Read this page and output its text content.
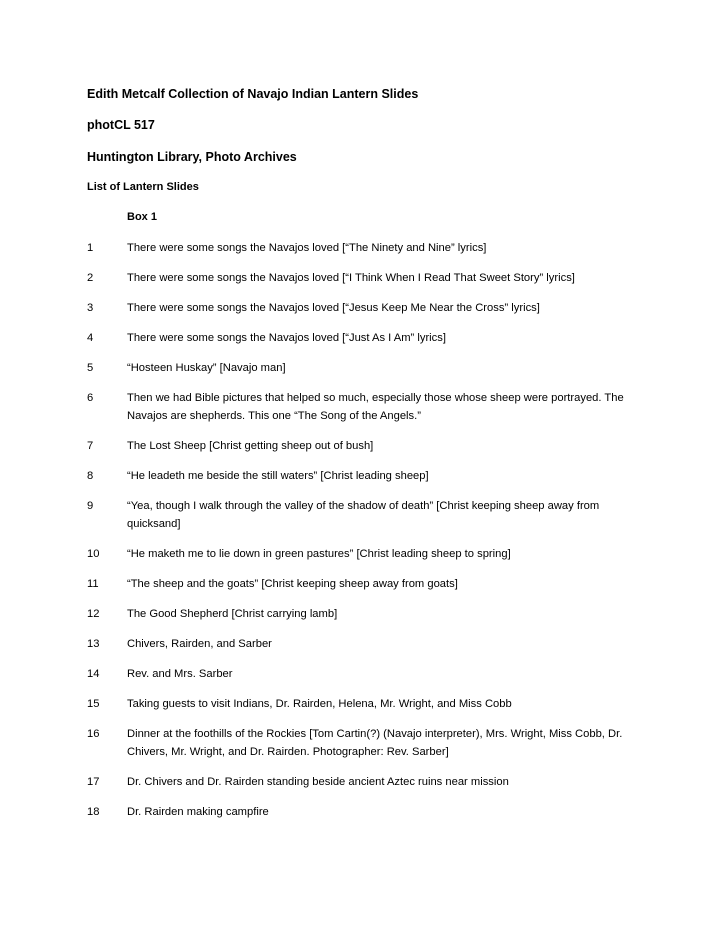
Edith Metcalf Collection of Navajo Indian Lantern Slides
photCL 517
Huntington Library, Photo Archives
List of Lantern Slides
Box 1
1	There were some songs the Navajos loved [“The Ninety and Nine” lyrics]
2	There were some songs the Navajos loved [“I Think When I Read That Sweet Story” lyrics]
3	There were some songs the Navajos loved [“Jesus Keep Me Near the Cross” lyrics]
4	There were some songs the Navajos loved [“Just As I Am” lyrics]
5	“Hosteen Huskay” [Navajo man]
6	Then we had Bible pictures that helped so much, especially those whose sheep were portrayed. The Navajos are shepherds. This one “The Song of the Angels.”
7	The Lost Sheep [Christ getting sheep out of bush]
8	“He leadeth me beside the still waters” [Christ leading sheep]
9	“Yea, though I walk through the valley of the shadow of death” [Christ keeping sheep away from quicksand]
10	“He maketh me to lie down in green pastures” [Christ leading sheep to spring]
11	“The sheep and the goats” [Christ keeping sheep away from goats]
12	The Good Shepherd [Christ carrying lamb]
13	Chivers, Rairden, and Sarber
14	Rev. and Mrs. Sarber
15	Taking guests to visit Indians, Dr. Rairden, Helena, Mr. Wright, and Miss Cobb
16	Dinner at the foothills of the Rockies [Tom Cartin(?) (Navajo interpreter), Mrs. Wright, Miss Cobb, Dr. Chivers, Mr. Wright, and Dr. Rairden. Photographer: Rev. Sarber]
17	Dr. Chivers and Dr. Rairden standing beside ancient Aztec ruins near mission
18	Dr. Rairden making campfire
